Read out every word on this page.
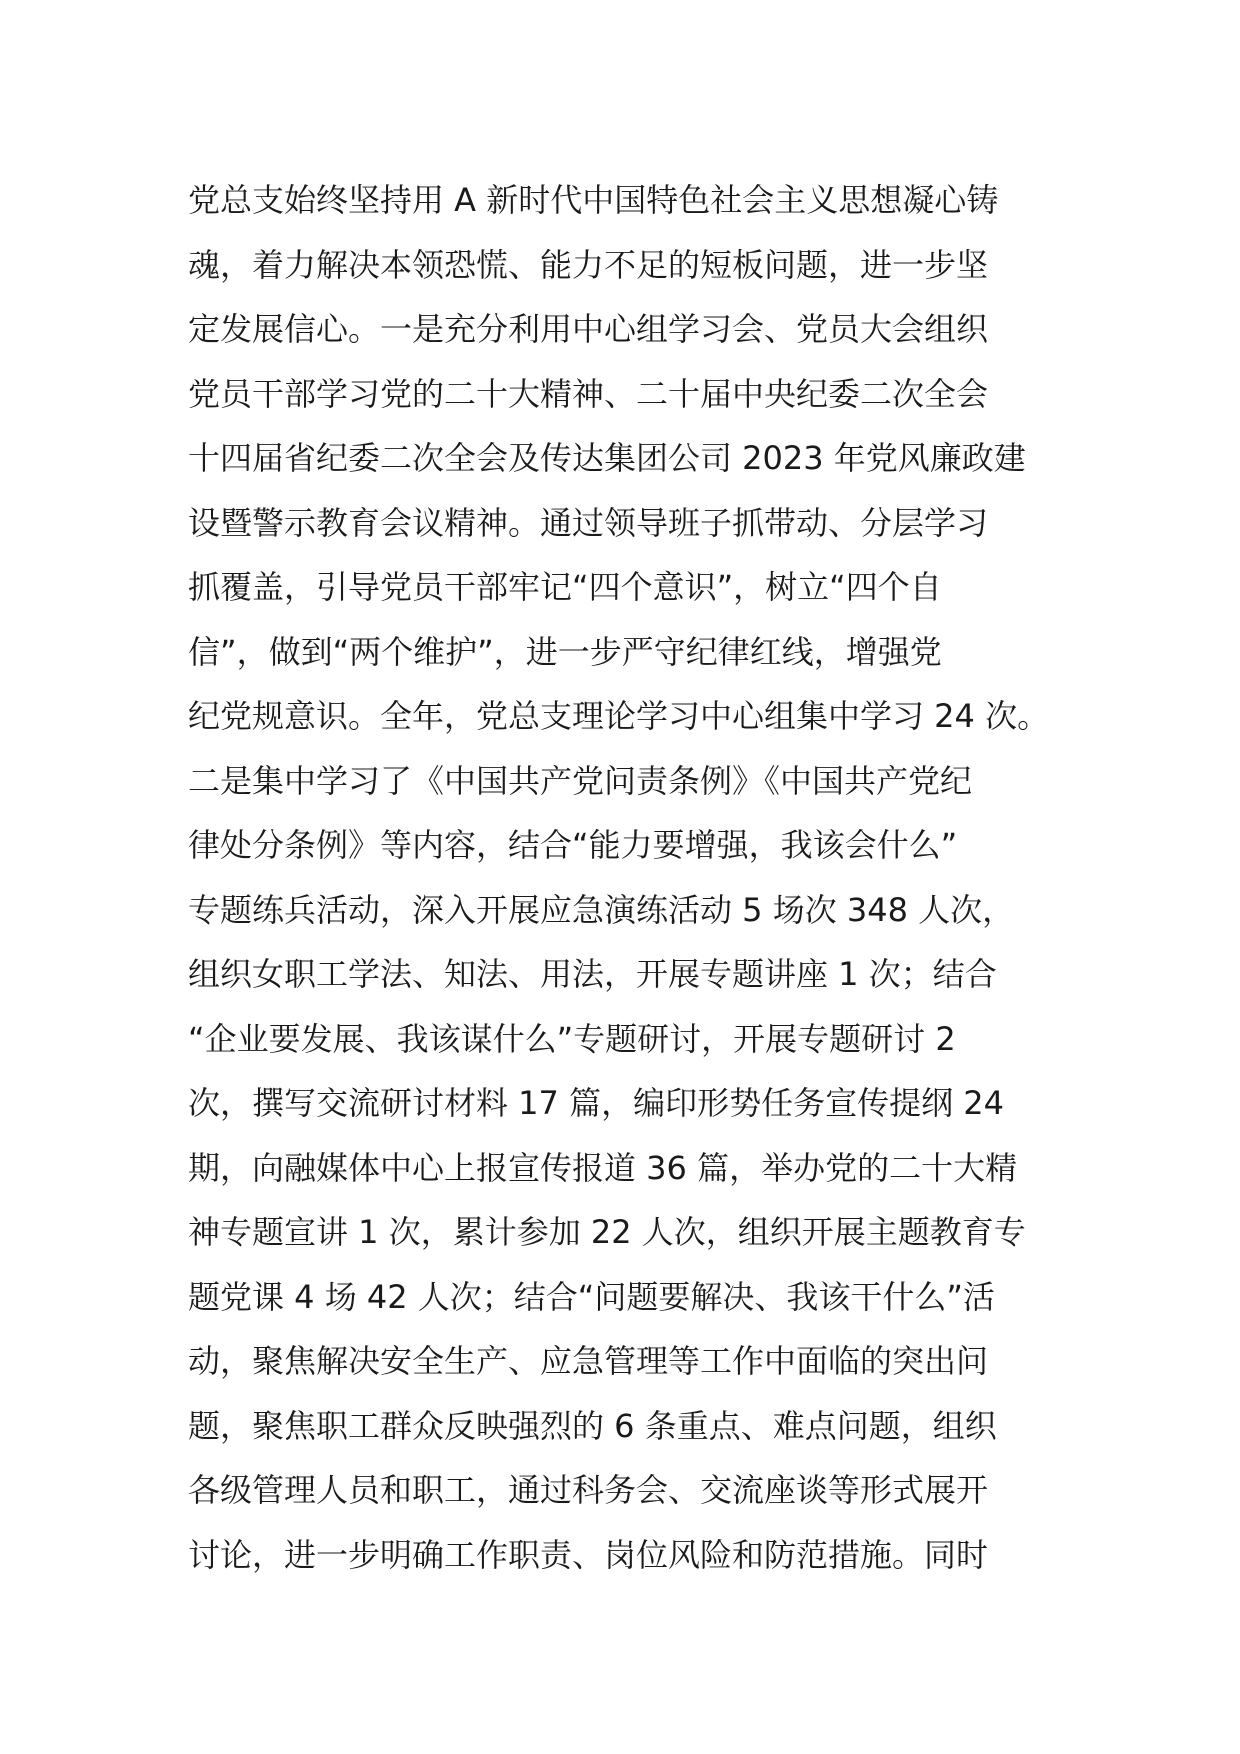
党总支始终坚持用 A 新时代中国特色社会主义思想凝心铸
魂，着力解决本领恐慌、能力不足的短板问题，进一步坚
定发展信心。一是充分利用中心组学习会、党员大会组织
党员干部学习党的二十大精神、二十届中央纪委二次全会
十四届省纪委二次全会及传达集团公司 2023 年党风廉政建
设暨警示教育会议精神。通过领导班子抓带动、分层学习
抓覆盖，引导党员干部牢记“四个意识”，树立“四个自
信”，做到“两个维护”，进一步严守纪律红线，增强党
纪党规意识。全年，党总支理论学习中心组集中学习 24 次。
二是集中学习了《中国共产党问责条例》《中国共产党纪
律处分条例》等内容，结合“能力要增强，我该会什么”
专题练兵活动，深入开展应急演练活动 5 场次 348 人次，
组织女职工学法、知法、用法，开展专题讲座 1 次；结合
“企业要发展、我该谋什么”专题研讨，开展专题研讨 2
次，撰写交流研讨材料 17 篇，编印形势任务宣传提纲 24
期，向融媒体中心上报宣传报道 36 篇，举办党的二十大精
神专题宣讲 1 次，累计参加 22 人次，组织开展主题教育专
题党课 4 场 42 人次；结合“问题要解决、我该干什么”活
动，聚焦解决安全生产、应急管理等工作中面临的突出问
题，聚焦职工群众反映强烈的 6 条重点、难点问题，组织
各级管理人员和职工，通过科务会、交流座谈等形式展开
讨论，进一步明确工作职责、岗位风险和防范措施。同时
